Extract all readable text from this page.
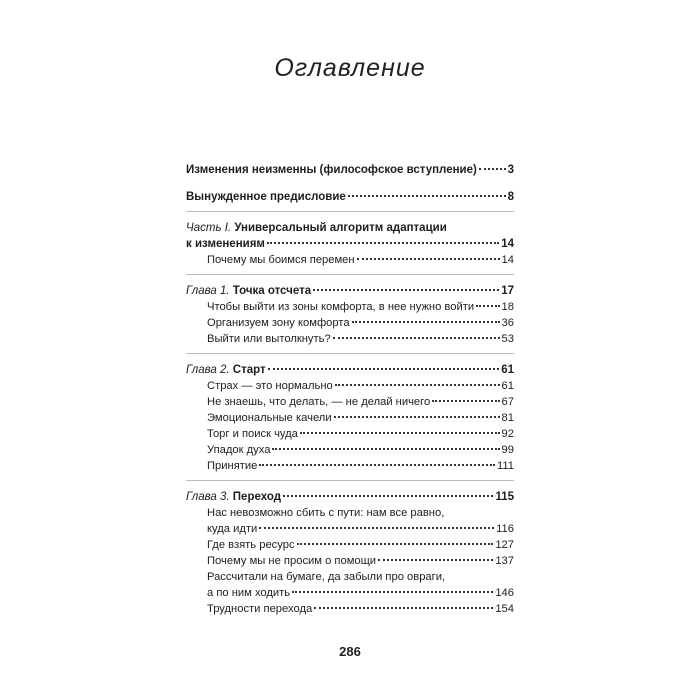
Оглавление
Изменения неизменны (философское вступление)	3
Вынужденное предисловие	8
Часть I. Универсальный алгоритм адаптации
к изменениям	14
Почему мы боимся перемен	14
Глава 1. Точка отсчета	17
Чтобы выйти из зоны комфорта, в нее нужно войти 18
Организуем зону комфорта	36
Выйти или вытолкнуть?	53
Глава 2. Старт	61
Страх — это нормально	61
Не знаешь, что делать, — не делай ничего	67
Эмоциональные качели	81
Торг и поиск чуда	92
Упадок духа	99
Принятие	111
Глава 3. Переход	115
Нас невозможно сбить с пути: нам все равно,
куда идти	116
Где взять ресурс	127
Почему мы не просим о помощи	137
Рассчитали на бумаге, да забыли про овраги,
а по ним ходить	146
Трудности перехода	154
286
